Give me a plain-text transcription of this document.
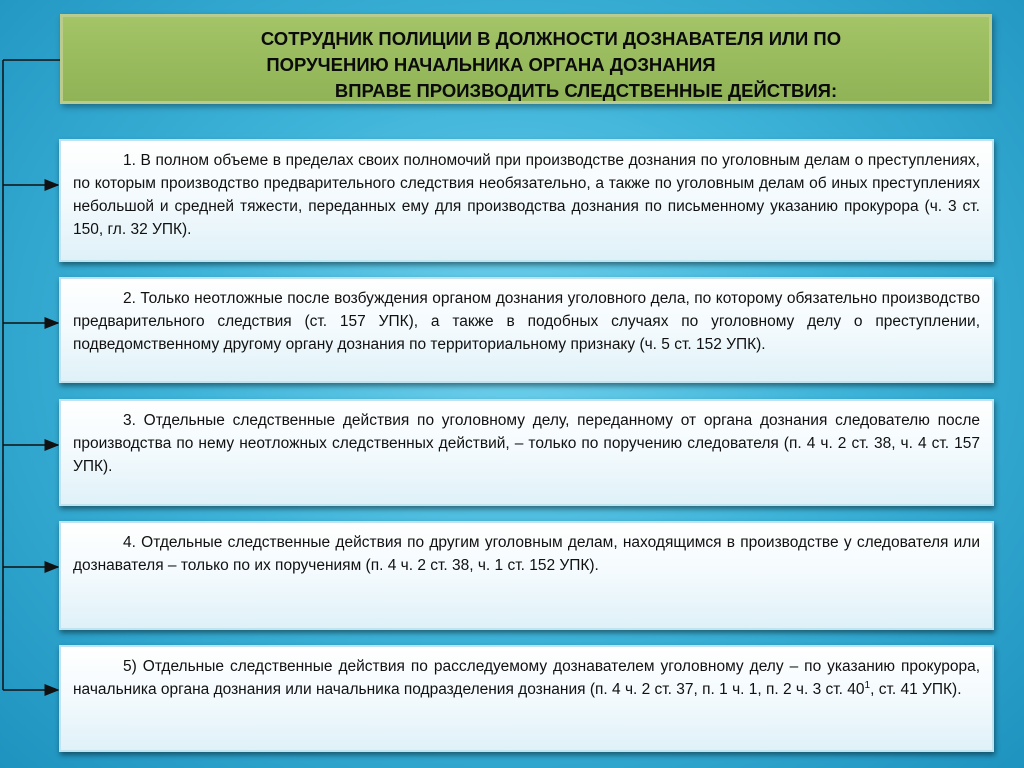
СОТРУДНИК ПОЛИЦИИ В ДОЛЖНОСТИ ДОЗНАВАТЕЛЯ ИЛИ ПО
ПОРУЧЕНИЮ НАЧАЛЬНИКА ОРГАНА ДОЗНАНИЯ
ВПРАВЕ ПРОИЗВОДИТЬ СЛЕДСТВЕННЫЕ ДЕЙСТВИЯ:
1. В полном объеме в пределах своих полномочий при производстве дознания по уголовным делам о преступлениях, по которым производство предварительного следствия необязательно, а также по уголовным делам об иных преступлениях небольшой и средней тяжести, переданных ему для производства дознания по письменному указанию прокурора (ч. 3 ст. 150, гл. 32 УПК).
2. Только неотложные после возбуждения органом дознания уголовного дела, по которому обязательно производство предварительного следствия (ст. 157 УПК), а также в подобных случаях по уголовному делу о преступлении, подведомственному другому органу дознания по территориальному признаку (ч. 5 ст. 152 УПК).
3. Отдельные следственные действия по уголовному делу, переданному от органа дознания следователю после производства по нему неотложных следственных действий, – только по поручению следователя (п. 4 ч. 2 ст. 38, ч. 4 ст. 157 УПК).
4. Отдельные следственные действия по другим уголовным делам, находящимся в производстве у следователя или дознавателя – только по их поручениям (п. 4 ч. 2 ст. 38, ч. 1 ст. 152 УПК).
5) Отдельные следственные действия по расследуемому дознавателем уголовному делу – по указанию прокурора, начальника органа дознания или начальника подразделения дознания (п. 4 ч. 2 ст. 37, п. 1 ч. 1, п. 2 ч. 3 ст. $40^1$, ст. 41 УПК).
